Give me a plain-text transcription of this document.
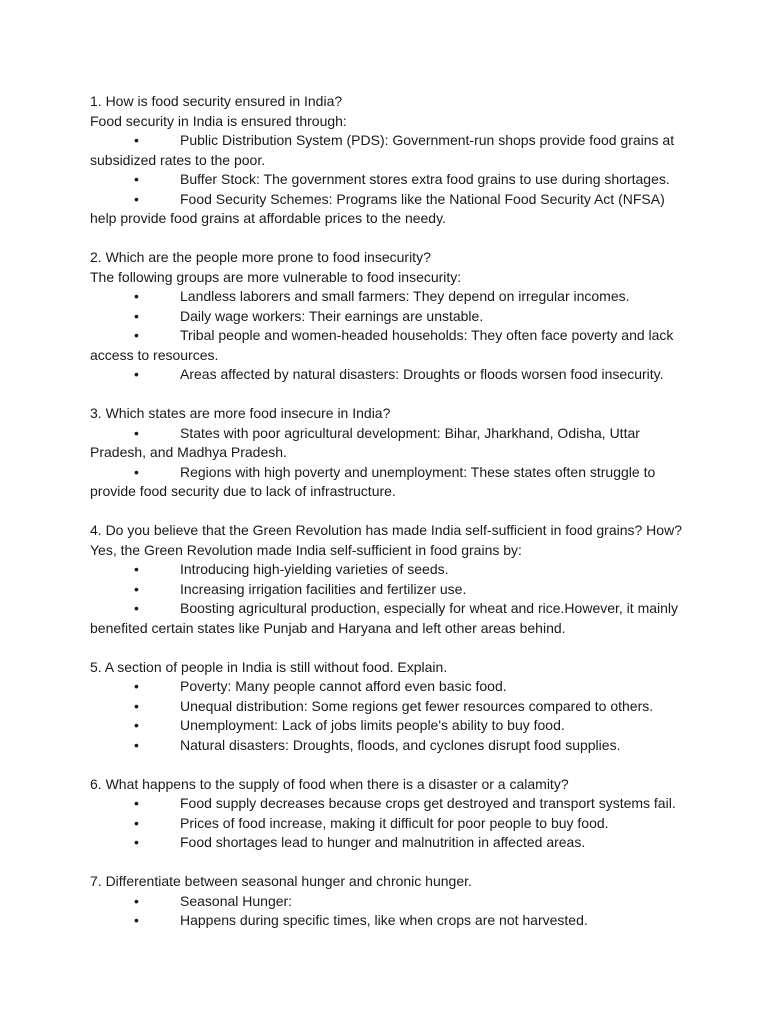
1. How is food security ensured in India?
Food security in India is ensured through:
•	Public Distribution System (PDS): Government-run shops provide food grains at subsidized rates to the poor.
•	Buffer Stock: The government stores extra food grains to use during shortages.
•	Food Security Schemes: Programs like the National Food Security Act (NFSA) help provide food grains at affordable prices to the needy.
2. Which are the people more prone to food insecurity?
The following groups are more vulnerable to food insecurity:
•	Landless laborers and small farmers: They depend on irregular incomes.
•	Daily wage workers: Their earnings are unstable.
•	Tribal people and women-headed households: They often face poverty and lack access to resources.
•	Areas affected by natural disasters: Droughts or floods worsen food insecurity.
3. Which states are more food insecure in India?
•	States with poor agricultural development: Bihar, Jharkhand, Odisha, Uttar Pradesh, and Madhya Pradesh.
•	Regions with high poverty and unemployment: These states often struggle to provide food security due to lack of infrastructure.
4. Do you believe that the Green Revolution has made India self-sufficient in food grains? How?
Yes, the Green Revolution made India self-sufficient in food grains by:
•	Introducing high-yielding varieties of seeds.
•	Increasing irrigation facilities and fertilizer use.
•	Boosting agricultural production, especially for wheat and rice.However, it mainly benefited certain states like Punjab and Haryana and left other areas behind.
5. A section of people in India is still without food. Explain.
•	Poverty: Many people cannot afford even basic food.
•	Unequal distribution: Some regions get fewer resources compared to others.
•	Unemployment: Lack of jobs limits people's ability to buy food.
•	Natural disasters: Droughts, floods, and cyclones disrupt food supplies.
6. What happens to the supply of food when there is a disaster or a calamity?
•	Food supply decreases because crops get destroyed and transport systems fail.
•	Prices of food increase, making it difficult for poor people to buy food.
•	Food shortages lead to hunger and malnutrition in affected areas.
7. Differentiate between seasonal hunger and chronic hunger.
•	Seasonal Hunger:
•	Happens during specific times, like when crops are not harvested.
